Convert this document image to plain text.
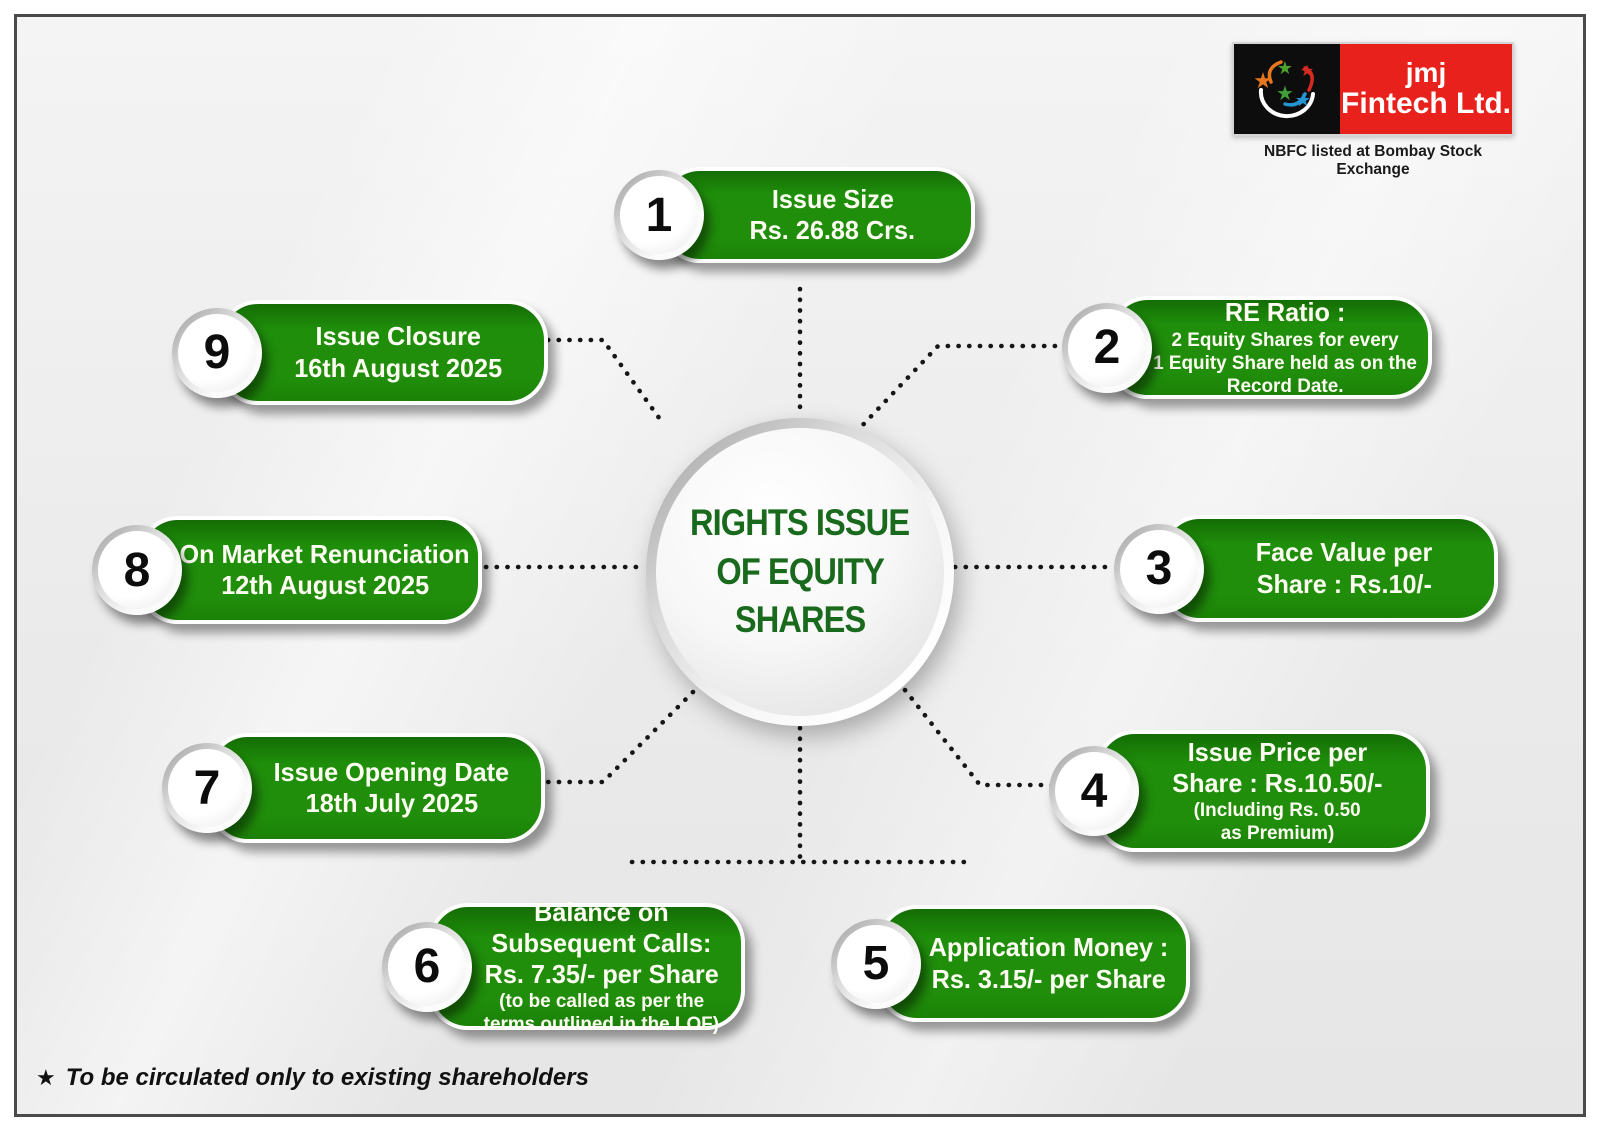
RIGHTS ISSUE
OF EQUITY
SHARES
1	Issue Size
Rs. 26.88 Crs.
2
RE Ratio :
2 Equity Shares for every
1 Equity Share held as on the
Record Date.
3	Face Value per
Share : Rs.10/-
4
Issue Price per
Share : Rs.10.50/-
(Including Rs. 0.50
as Premium)
5	Application Money :
Rs. 3.15/- per Share
6
Balance on
Subsequent Calls:
Rs. 7.35/- per Share
(to be called as per the
terms outlined in the LOF)
7	Issue Opening Date
18th July 2025
8	On Market Renunciation
12th August 2025
9	Issue Closure
16th August 2025
★ ★
★ ★
★	jmj
Fintech Ltd.
NBFC listed at Bombay Stock Exchange
★ To be circulated only to existing shareholders
